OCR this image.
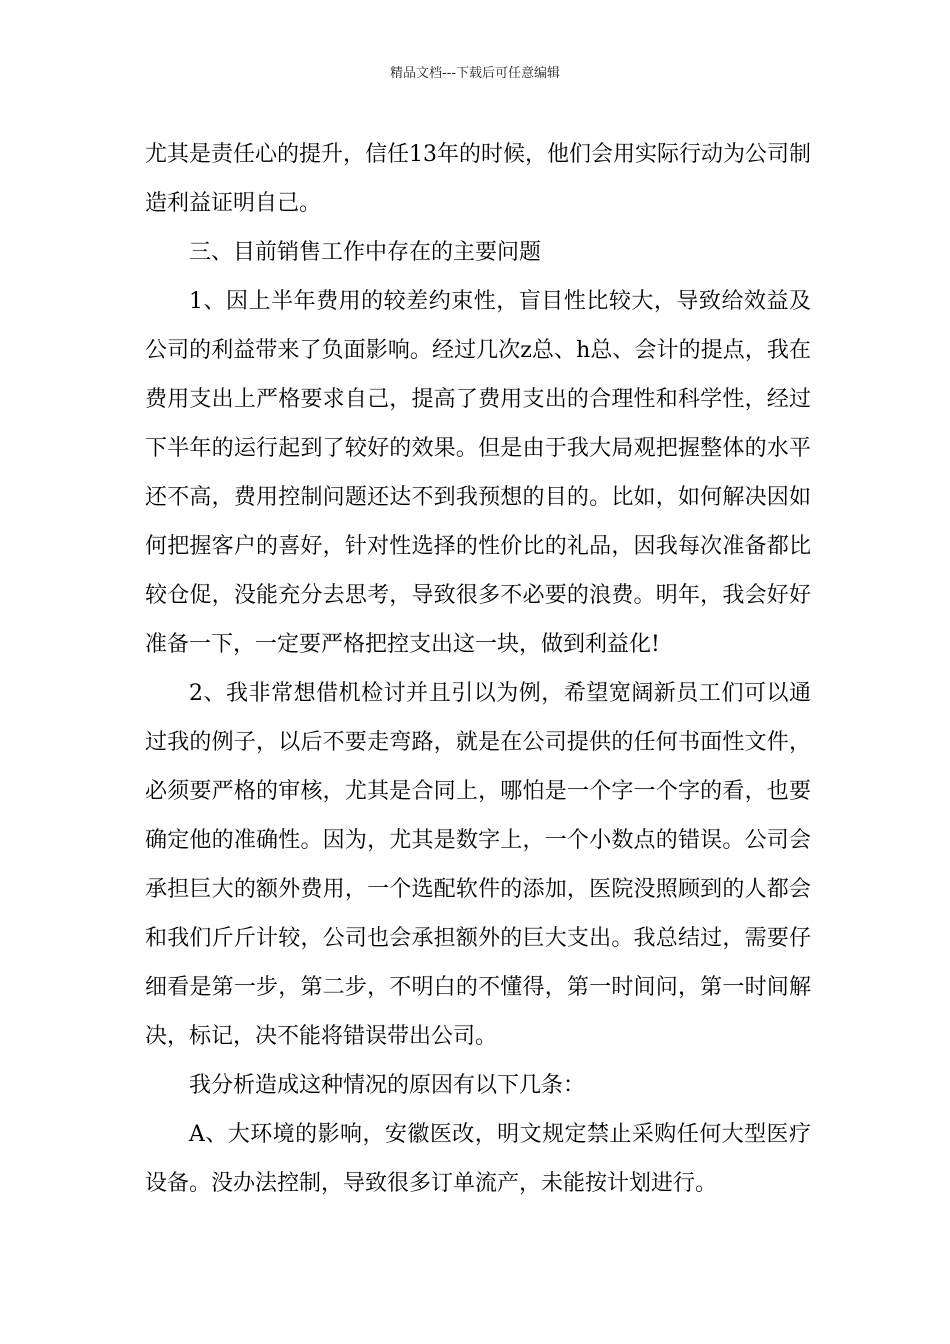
精品文档---下载后可任意编辑

尤其是责任心的提升，信任13年的时候，他们会用实际行动为公司制造利益证明自己。

三、目前销售工作中存在的主要问题

1、因上半年费用的较差约束性，盲目性比较大，导致给效益及公司的利益带来了负面影响。经过几次z总、h总、会计的提点，我在费用支出上严格要求自己，提高了费用支出的合理性和科学性，经过下半年的运行起到了较好的效果。但是由于我大局观把握整体的水平还不高，费用控制问题还达不到我预想的目的。比如，如何解决因如何把握客户的喜好，针对性选择的性价比的礼品，因我每次准备都比较仓促，没能充分去思考，导致很多不必要的浪费。明年，我会好好准备一下，一定要严格把控支出这一块，做到利益化!

2、我非常想借机检讨并且引以为例，希望宽阔新员工们可以通过我的例子，以后不要走弯路，就是在公司提供的任何书面性文件，必须要严格的审核，尤其是合同上，哪怕是一个字一个字的看，也要确定他的准确性。因为，尤其是数字上，一个小数点的错误。公司会承担巨大的额外费用，一个选配软件的添加，医院没照顾到的人都会和我们斤斤计较，公司也会承担额外的巨大支出。我总结过，需要仔细看是第一步，第二步，不明白的不懂得，第一时间问，第一时间解决，标记，决不能将错误带出公司。

我分析造成这种情况的原因有以下几条：

A、大环境的影响，安徽医改，明文规定禁止采购任何大型医疗设备。没办法控制，导致很多订单流产，未能按计划进行。
